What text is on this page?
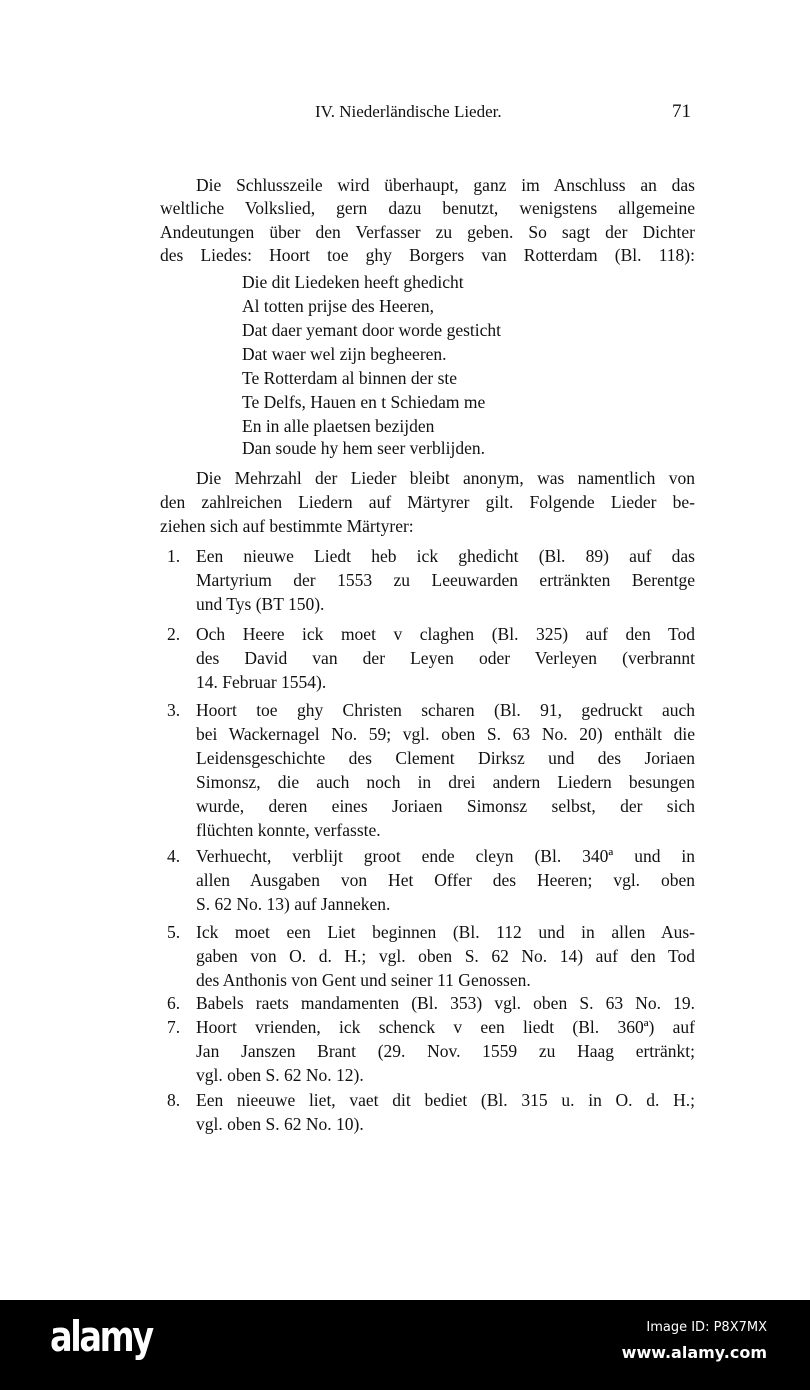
IV. Niederländische Lieder.	71
Die Schlusszeile wird überhaupt, ganz im Anschluss an das
weltliche Volkslied, gern dazu benutzt, wenigstens allgemeine
Andeutungen über den Verfasser zu geben. So sagt der Dichter
des Liedes: Hoort toe ghy Borgers van Rotterdam (Bl. 118):
Die dit Liedeken heeft ghedicht
Al totten prijse des Heeren,
Dat daer yemant door worde gesticht
Dat waer wel zijn begheeren.
Te Rotterdam al binnen der ste
Te Delfs, Hauen en t Schiedam me
En in alle plaetsen bezijden
Dan soude hy hem seer verblijden.
Die Mehrzahl der Lieder bleibt anonym, was namentlich von
den zahlreichen Liedern auf Märtyrer gilt. Folgende Lieder be-
ziehen sich auf bestimmte Märtyrer:
1. Een nieuwe Liedt heb ick ghedicht (Bl. 89) auf das
Martyrium der 1553 zu Leeuwarden ertränkten Berentge
und Tys (BT 150).
2. Och Heere ick moet v claghen (Bl. 325) auf den Tod
des David van der Leyen oder Verleyen (verbrannt
14. Februar 1554).
3. Hoort toe ghy Christen scharen (Bl. 91, gedruckt auch
bei Wackernagel No. 59; vgl. oben S. 63 No. 20) enthält die
Leidensgeschichte des Clement Dirksz und des Joriaen
Simonsz, die auch noch in drei andern Liedern besungen
wurde, deren eines Joriaen Simonsz selbst, der sich
flüchten konnte, verfasste.
4. Verhuecht, verblijt groot ende cleyn (Bl. 340ª und in
allen Ausgaben von Het Offer des Heeren; vgl. oben
S. 62 No. 13) auf Janneken.
5. Ick moet een Liet beginnen (Bl. 112 und in allen Aus-
gaben von O. d. H.; vgl. oben S. 62 No. 14) auf den Tod
des Anthonis von Gent und seiner 11 Genossen.
6. Babels raets mandamenten (Bl. 353) vgl. oben S. 63 No. 19.
7. Hoort vrienden, ick schenck v een liedt (Bl. 360ª) auf
Jan Janszen Brant (29. Nov. 1559 zu Haag ertränkt;
vgl. oben S. 62 No. 12).
8. Een nieeuwe liet, vaet dit bediet (Bl. 315 u. in O. d. H.;
vgl. oben S. 62 No. 10).
alamy	Image ID: P8X7MX
www.alamy.com
